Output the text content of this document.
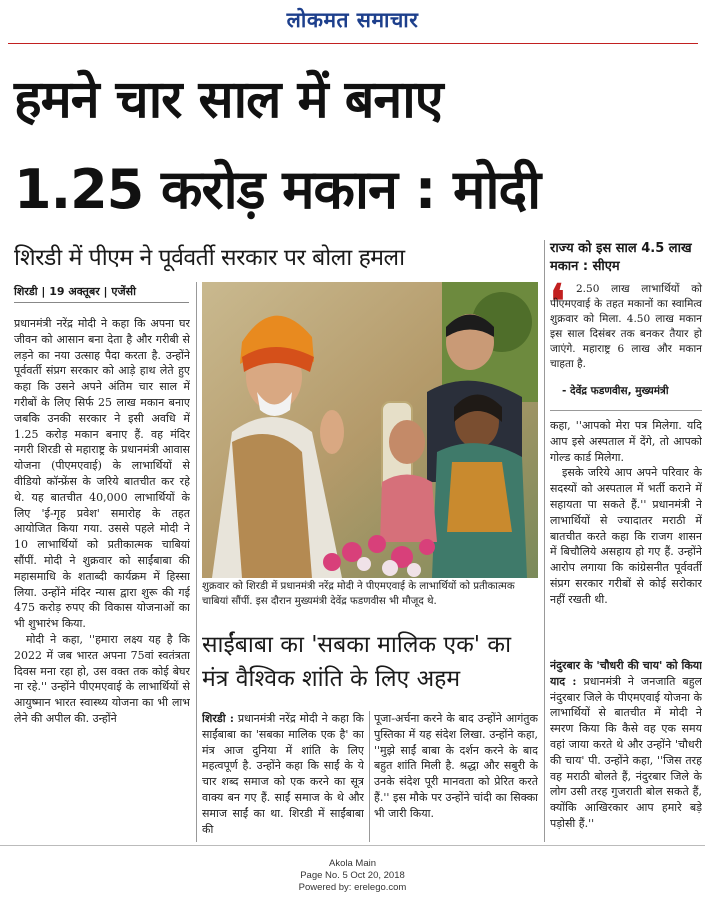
लोकमत समाचार
हमने चार साल में बनाए
1.25 करोड़ मकान : मोदी
शिरडी में पीएम ने पूर्ववर्ती सरकार पर बोला हमला
शिरडी | 19 अक्तूबर | एजेंसी

प्रधानमंत्री नरेंद्र मोदी ने कहा कि अपना घर जीवन को आसान बना देता है और गरीबी से लड़ने का नया उत्साह पैदा करता है. उन्होंने पूर्ववर्ती संप्रग सरकार को आड़े हाथ लेते हुए कहा कि उसने अपने अंतिम चार साल में गरीबों के लिए सिर्फ 25 लाख मकान बनाए जबकि उनकी सरकार ने इसी अवधि में 1.25 करोड़ मकान बनाए हैं. वह मंदिर नगरी शिरडी से महाराष्ट्र के प्रधानमंत्री आवास योजना (पीएमएवाई) के लाभार्थियों से वीडियो कॉन्फ्रेंस के जरिये बातचीत कर रहे थे. यह बातचीत 40,000 लाभार्थियों के लिए 'ई-गृह प्रवेश' समारोह के तहत आयोजित किया गया. उससे पहले मोदी ने 10 लाभार्थियों को प्रतीकात्मक चाबियां सौंपीं. मोदी ने शुक्रवार को साईंबाबा की महासमाधि के शताब्दी कार्यक्रम में हिस्सा लिया. उन्होंने मंदिर न्यास द्वारा शुरू की गई 475 करोड़ रुपए की विकास योजनाओं का भी शुभारंभ किया.

मोदी ने कहा, ''हमारा लक्ष्य यह है कि 2022 में जब भारत अपना 75वां स्वतंत्रता दिवस मना रहा हो, उस वक्त तक कोई बेघर ना रहे.'' उन्होंने पीएमएवाई के लाभार्थियों से आयुष्मान भारत स्वास्थ्य योजना का भी लाभ लेने की अपील की. उन्होंने

शुक्रवार को शिरडी में प्रधानमंत्री नरेंद्र मोदी ने पीएमएवाई के लाभार्थियों को प्रतीकात्मक चाबियां सौंपीं. इस दौरान मुख्यमंत्री देवेंद्र फडणवीस भी मौजूद थे.
साईंबाबा का 'सबका मालिक एक' का मंत्र वैश्विक शांति के लिए अहम

शिरडी : प्रधानमंत्री नरेंद्र मोदी ने कहा कि साईंबाबा का 'सबका मालिक एक है' का मंत्र आज दुनिया में शांति के लिए महत्वपूर्ण है. उन्होंने कहा कि साईं के ये चार शब्द समाज को एक करने का सूत्र वाक्य बन गए हैं. साईं समाज के थे और समाज साईं का था. शिरडी में साईंबाबा की

पूजा-अर्चना करने के बाद उन्होंने आगंतुक पुस्तिका में यह संदेश लिखा. उन्होंने कहा, ''मुझे साईं बाबा के दर्शन करने के बाद बहुत शांति मिली है. श्रद्धा और सबुरी के उनके संदेश पूरी मानवता को प्रेरित करते हैं.'' इस मौके पर उन्होंने चांदी का सिक्का भी जारी किया.

राज्य को इस साल 4.5 लाख मकान : सीएम
❛	2.50 लाख लाभार्थियों को पीएमएवाई के तहत मकानों का स्वामित्व शुक्रवार को मिला. 4.50 लाख मकान इस साल दिसंबर तक बनकर तैयार हो जाएंगे. महाराष्ट्र 6 लाख और मकान चाहता है.
- देवेंद्र फडणवीस, मुख्यमंत्री

कहा, ''आपको मेरा पत्र मिलेगा. यदि आप इसे अस्पताल में देंगे, तो आपको गोल्ड कार्ड मिलेगा.

इसके जरिये आप अपने परिवार के सदस्यों को अस्पताल में भर्ती कराने में सहायता पा सकते हैं.'' प्रधानमंत्री ने लाभार्थियों से ज्यादातर मराठी में बातचीत करते कहा कि राजग शासन में बिचौलिये असहाय हो गए हैं. उन्होंने आरोप लगाया कि कांग्रेसनीत पूर्ववर्ती संप्रग सरकार गरीबों से कोई सरोकार नहीं रखती थी.

नंदुरबार के 'चौधरी की चाय' को किया याद : प्रधानमंत्री ने जनजाति बहुल नंदुरबार जिले के पीएमएवाई योजना के लाभार्थियों से बातचीत में मोदी ने स्मरण किया कि कैसे वह एक समय वहां जाया करते थे और उन्होंने 'चौधरी की चाय' पी. उन्होंने कहा, ''जिस तरह वह मराठी बोलते हैं, नंदुरबार जिले के लोग उसी तरह गुजराती बोल सकते हैं, क्योंकि आखिरकार आप हमारे बड़े पड़ोसी हैं.''

Akola Main
Page No. 5 Oct 20, 2018
Powered by: erelego.com
